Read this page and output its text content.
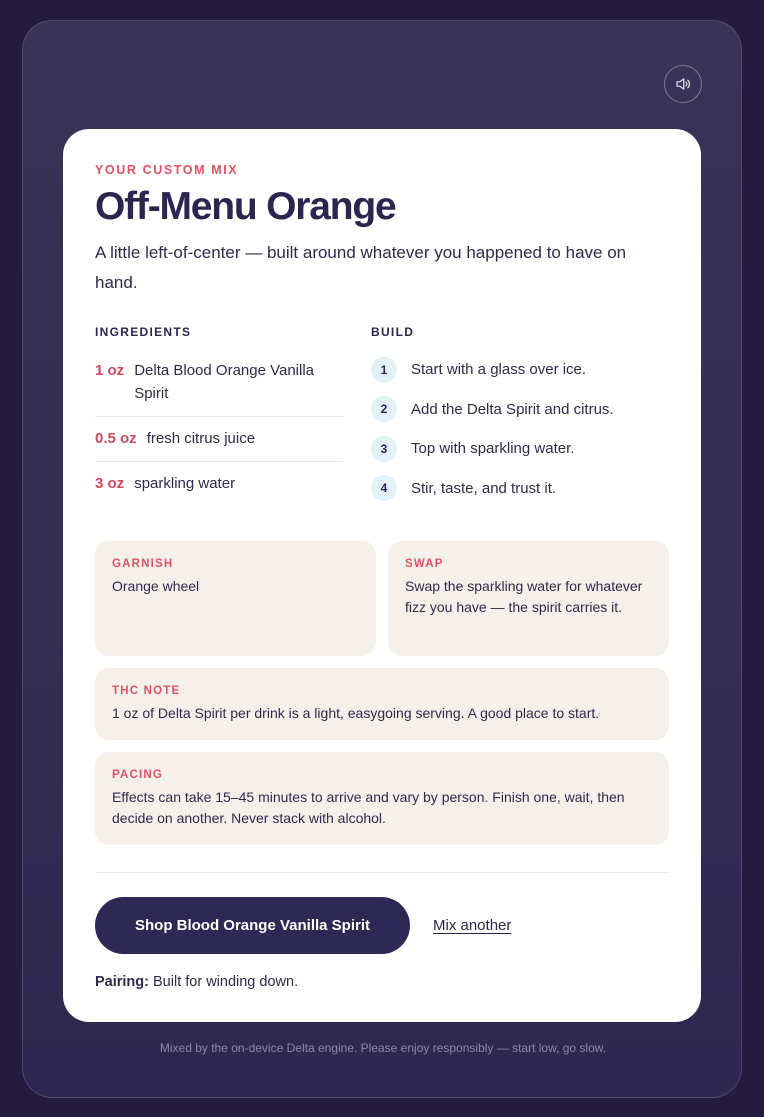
YOUR CUSTOM MIX
Off-Menu Orange

A little left-of-center — built around whatever you happened to have on hand.

INGREDIENTS
1 oz Delta Blood Orange Vanilla Spirit
0.5 oz fresh citrus juice
3 oz sparkling water
BUILD
1	Start with a glass over ice.
2	Add the Delta Spirit and citrus.
3	Top with sparkling water.
4	Stir, taste, and trust it.
GARNISH
Orange wheel
SWAP
Swap the sparkling water for whatever fizz you have — the spirit carries it.
THC NOTE
1 oz of Delta Spirit per drink is a light, easygoing serving. A good place to start.
PACING
Effects can take 15–45 minutes to arrive and vary by person. Finish one, wait, then decide on another. Never stack with alcohol.
Shop Blood Orange Vanilla Spirit	Mix another

Pairing: Built for winding down.

Mixed by the on-device Delta engine. Please enjoy responsibly — start low, go slow.
